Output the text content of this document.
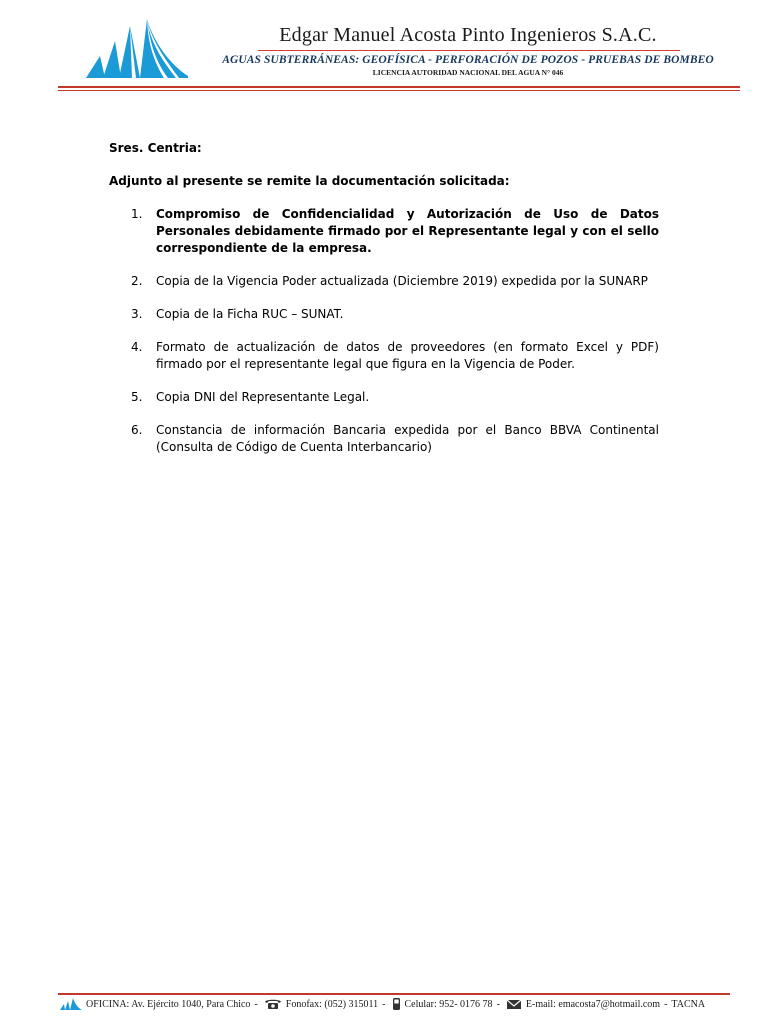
Edgar Manuel Acosta Pinto Ingenieros S.A.C.
AGUAS SUBTERRÁNEAS: GEOFÍSICA - PERFORACIÓN DE POZOS - PRUEBAS DE BOMBEO
LICENCIA AUTORIDAD NACIONAL DEL AGUA N° 046

Sres. Centria:

Adjunto al presente se remite la documentación solicitada:

1. Compromiso de Confidencialidad y Autorización de Uso de Datos Personales debidamente firmado por el Representante legal y con el sello correspondiente de la empresa.
2. Copia de la Vigencia Poder actualizada (Diciembre 2019) expedida por la SUNARP
3. Copia de la Ficha RUC – SUNAT.
4. Formato de actualización de datos de proveedores (en formato Excel y PDF) firmado por el representante legal que figura en la Vigencia de Poder.
5. Copia DNI del Representante Legal.
6. Constancia de información Bancaria expedida por el Banco BBVA Continental (Consulta de Código de Cuenta Interbancario)
OFICINA: Av. Ejército 1040, Para Chico -	Fonofax: (052) 315011 - Celular: 952- 0176 78 -	E-mail: emacosta7@hotmail.com - TACNA
